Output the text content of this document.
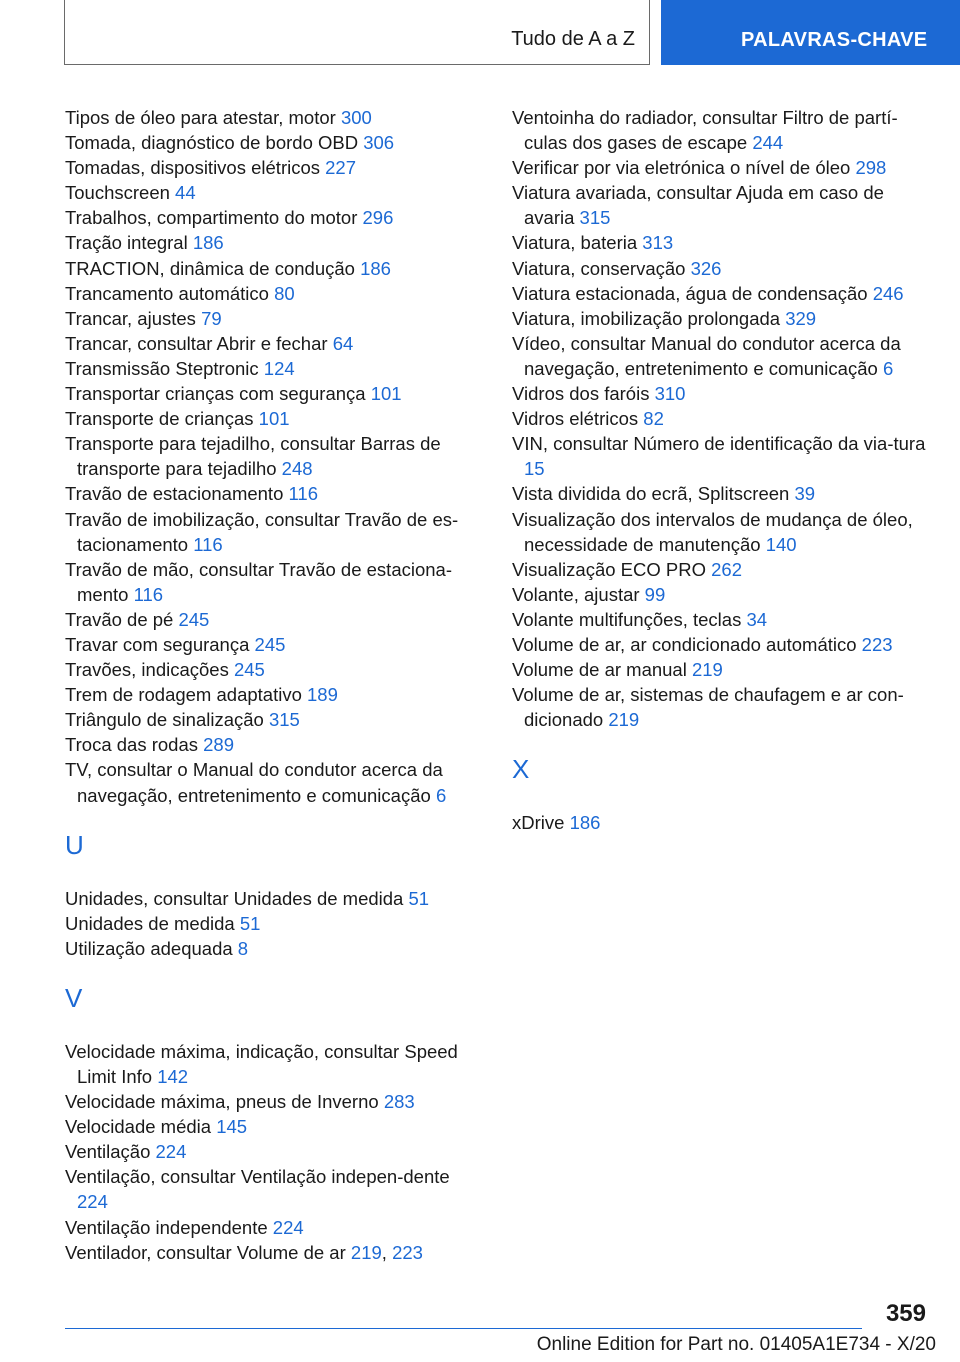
Tudo de A a Z	PALAVRAS-CHAVE
Tipos de óleo para atestar, motor 300
Tomada, diagnóstico de bordo OBD 306
Tomadas, dispositivos elétricos 227
Touchscreen 44
Trabalhos, compartimento do motor 296
Tração integral 186
TRACTION, dinâmica de condução 186
Trancamento automático 80
Trancar, ajustes 79
Trancar, consultar Abrir e fechar 64
Transmissão Steptronic 124
Transportar crianças com segurança 101
Transporte de crianças 101
Transporte para tejadilho, consultar Barras de transporte para tejadilho 248
Travão de estacionamento 116
Travão de imobilização, consultar Travão de es-tacionamento 116
Travão de mão, consultar Travão de estaciona-mento 116
Travão de pé 245
Travar com segurança 245
Travões, indicações 245
Trem de rodagem adaptativo 189
Triângulo de sinalização 315
Troca das rodas 289
TV, consultar o Manual do condutor acerca da navegação, entretenimento e comunicação 6
U
Unidades, consultar Unidades de medida 51
Unidades de medida 51
Utilização adequada 8
V
Velocidade máxima, indicação, consultar Speed Limit Info 142
Velocidade máxima, pneus de Inverno 283
Velocidade média 145
Ventilação 224
Ventilação, consultar Ventilação indepen-dente 224
Ventilação independente 224
Ventilador, consultar Volume de ar 219, 223
Ventoinha do radiador, consultar Filtro de partí-culas dos gases de escape 244
Verificar por via eletrónica o nível de óleo 298
Viatura avariada, consultar Ajuda em caso de avaria 315
Viatura, bateria 313
Viatura, conservação 326
Viatura estacionada, água de condensação 246
Viatura, imobilização prolongada 329
Vídeo, consultar Manual do condutor acerca da navegação, entretenimento e comunicação 6
Vidros dos faróis 310
Vidros elétricos 82
VIN, consultar Número de identificação da via-tura 15
Vista dividida do ecrã, Splitscreen 39
Visualização dos intervalos de mudança de óleo, necessidade de manutenção 140
Visualização ECO PRO 262
Volante, ajustar 99
Volante multifunções, teclas 34
Volume de ar, ar condicionado automático 223
Volume de ar manual 219
Volume de ar, sistemas de chaufagem e ar con-dicionado 219
X
xDrive 186
359
Online Edition for Part no. 01405A1E734 - X/20
